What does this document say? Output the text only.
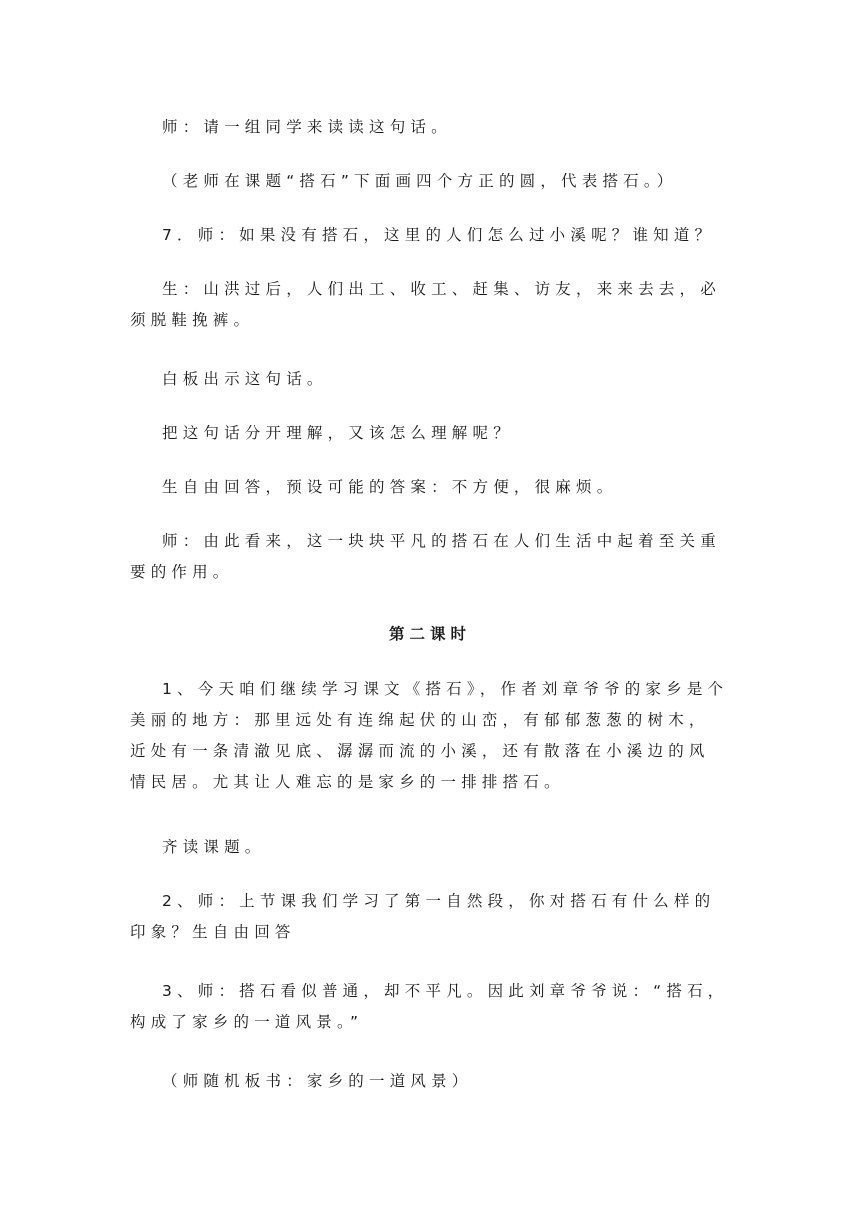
师：请一组同学来读读这句话。

（老师在课题“搭石”下面画四个方正的圆，代表搭石。）

7．师：如果没有搭石，这里的人们怎么过小溪呢？谁知道？

生：山洪过后，人们出工、收工、赶集、访友，来来去去，必须脱鞋挽裤。

白板出示这句话。

把这句话分开理解，又该怎么理解呢？

生自由回答，预设可能的答案：不方便，很麻烦。

师：由此看来，这一块块平凡的搭石在人们生活中起着至关重要的作用。

第二课时

1、今天咱们继续学习课文《搭石》，作者刘章爷爷的家乡是个美丽的地方：那里远处有连绵起伏的山峦，有郁郁葱葱的树木，近处有一条清澈见底、潺潺而流的小溪，还有散落在小溪边的风情民居。尤其让人难忘的是家乡的一排排搭石。

齐读课题。

2、师：上节课我们学习了第一自然段，你对搭石有什么样的印象？生自由回答

3、师：搭石看似普通，却不平凡。因此刘章爷爷说：“搭石，构成了家乡的一道风景。”

（师随机板书：家乡的一道风景）
